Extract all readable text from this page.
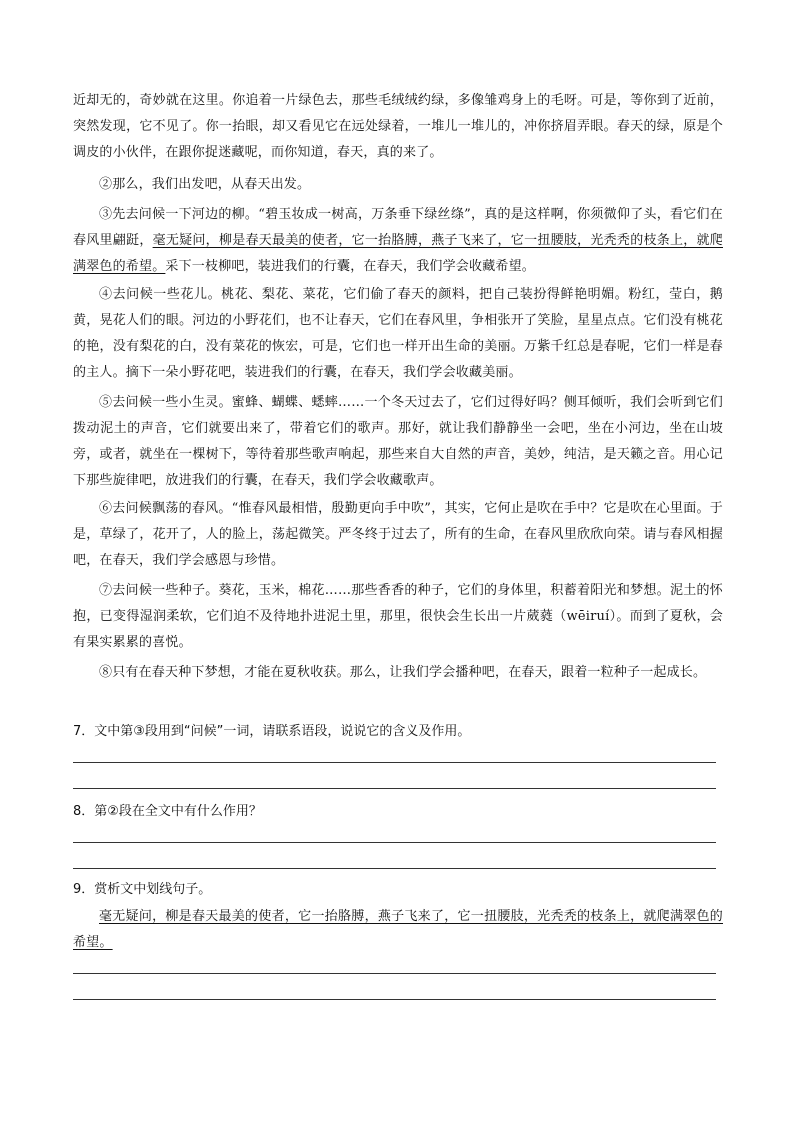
近却无的，奇妙就在这里。你追着一片绿色去，那些毛绒绒约绿，多像雏鸡身上的毛呀。可是，等你到了近前，突然发现，它不见了。你一抬眼，却又看见它在远处绿着，一堆儿一堆儿的，冲你挤眉弄眼。春天的绿，原是个调皮的小伙伴，在跟你捉迷藏呢，而你知道，春天，真的来了。

②那么，我们出发吧，从春天出发。

③先去问候一下河边的柳。“碧玉妆成一树高，万条垂下绿丝绦”，真的是这样啊，你须微仰了头，看它们在春风里翩跹，毫无疑问，柳是春天最美的使者，它一抬胳膊，燕子飞来了，它一扭腰肢，光秃秃的枝条上，就爬满翠色的希望。采下一枝柳吧，装进我们的行囊，在春天，我们学会收藏希望。

④去问候一些花儿。桃花、梨花、菜花，它们偷了春天的颜料，把自己装扮得鲜艳明媚。粉红，莹白，鹅黄，晃花人们的眼。河边的小野花们，也不让春天，它们在春风里，争相张开了笑脸，星星点点。它们没有桃花的艳，没有梨花的白，没有菜花的恢宏，可是，它们也一样开出生命的美丽。万紫千红总是春呢，它们一样是春的主人。摘下一朵小野花吧，装进我们的行囊，在春天，我们学会收藏美丽。

⑤去问候一些小生灵。蜜蜂、蝴蝶、蟋蟀……一个冬天过去了，它们过得好吗？侧耳倾听，我们会听到它们拨动泥土的声音，它们就要出来了，带着它们的歌声。那好，就让我们静静坐一会吧，坐在小河边，坐在山坡旁，或者，就坐在一棵树下，等待着那些歌声响起，那些来自大自然的声音，美妙，纯洁，是天籁之音。用心记下那些旋律吧，放进我们的行囊，在春天，我们学会收藏歌声。

⑥去问候飘荡的春风。“惟春风最相惜，殷勤更向手中吹”，其实，它何止是吹在手中？它是吹在心里面。于是，草绿了，花开了，人的脸上，荡起微笑。严冬终于过去了，所有的生命，在春风里欣欣向荣。请与春风相握吧，在春天，我们学会感恩与珍惜。

⑦去问候一些种子。葵花，玉米，棉花……那些香香的种子，它们的身体里，积蓄着阳光和梦想。泥土的怀抱，已变得湿润柔软，它们迫不及待地扑进泥土里，那里，很快会生长出一片葳蕤（wēiruí）。而到了夏秋，会有果实累累的喜悦。

⑧只有在春天种下梦想，才能在夏秋收获。那么，让我们学会播种吧，在春天，跟着一粒种子一起成长。

7．文中第③段用到“问候”一词，请联系语段，说说它的含义及作用。
8．第②段在全文中有什么作用？
9．赏析文中划线句子。

毫无疑问，柳是春天最美的使者，它一抬胳膊，燕子飞来了，它一扭腰肢，光秃秃的枝条上，就爬满翠色的希望。
